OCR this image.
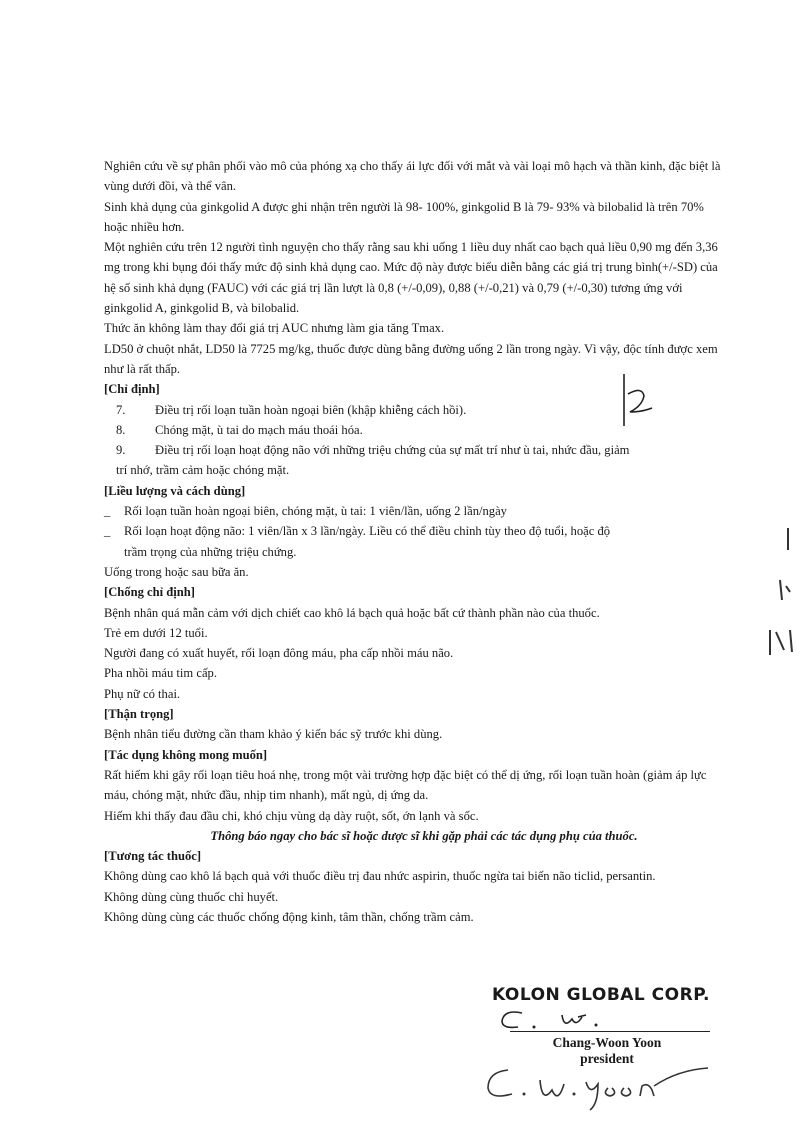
Nghiên cứu về sự phân phối vào mô của phóng xạ cho thấy ái lực đối với mắt và vài loại mô hạch và thần kinh, đặc biệt là vùng dưới đồi, và thể vân.

Sinh khả dụng của ginkgolid A được ghi nhận trên người là 98- 100%, ginkgolid B là 79- 93% và bilobalid là trên 70% hoặc nhiều hơn.

Một nghiên cứu trên 12 người tình nguyện cho thấy rằng sau khi uống 1 liều duy nhất cao bạch quả liều 0,90 mg đến 3,36 mg trong khi bụng đói thấy mức độ sinh khả dụng cao. Mức độ này được biểu diễn bằng các giá trị trung bình(+/-SD) của hệ số sinh khả dụng (FAUC) với các giá trị lần lượt là 0,8 (+/-0,09), 0,88 (+/-0,21) và 0,79 (+/-0,30) tương ứng với ginkgolid A, ginkgolid B, và bilobalid.

Thức ăn không làm thay đổi giá trị AUC nhưng làm gia tăng Tmax.

LD50 ở chuột nhắt, LD50 là 7725 mg/kg, thuốc được dùng bằng đường uống 2 lần trong ngày. Vì vậy, độc tính được xem như là rất thấp.

[Chỉ định]

7.	Điều trị rối loạn tuần hoàn ngoại biên (khập khiễng cách hồi).
8.	Chóng mặt, ù tai do mạch máu thoái hóa.
9.	Điều trị rối loạn hoạt động não với những triệu chứng của sự mất trí như ù tai, nhức đầu, giảm

trí nhớ, trầm cảm hoặc chóng mặt.

[Liều lượng và cách dùng]

_	Rối loạn tuần hoàn ngoại biên, chóng mặt, ù tai: 1 viên/lần, uống 2 lần/ngày
_	Rối loạn hoạt động não: 1 viên/lần x 3 lần/ngày. Liều có thể điều chỉnh tùy theo độ tuổi, hoặc độ

trầm trọng của những triệu chứng.

Uống trong hoặc sau bữa ăn.

[Chống chỉ định]

Bệnh nhân quá mẫn cảm với dịch chiết cao khô lá bạch quả hoặc bất cứ thành phần nào của thuốc.

Trẻ em dưới 12 tuổi.

Người đang có xuất huyết, rối loạn đông máu, pha cấp nhồi máu não.

Pha nhồi máu tim cấp.

Phụ nữ có thai.

[Thận trọng]

Bệnh nhân tiểu đường cần tham khảo ý kiến bác sỹ trước khi dùng.

[Tác dụng không mong muốn]

Rất hiếm khi gây rối loạn tiêu hoá nhẹ, trong một vài trường hợp đặc biệt có thể dị ứng, rối loạn tuần hoàn (giảm áp lực máu, chóng mặt, nhức đầu, nhịp tim nhanh), mất ngủ, dị ứng da.

Hiếm khi thấy đau đầu chi, khó chịu vùng dạ dày ruột, sốt, ớn lạnh và sốc.

Thông báo ngay cho bác sĩ hoặc dược sĩ khi gặp phải các tác dụng phụ của thuốc.

[Tương tác thuốc]

Không dùng cao khô lá bạch quả với thuốc điều trị đau nhức aspirin, thuốc ngừa tai biến não ticlid, persantin.

Không dùng cùng thuốc chỉ huyết.

Không dùng cùng các thuốc chống động kinh, tâm thần, chống trầm cảm.

KOLON GLOBAL CORP.
Chang-Woon Yoon
president
